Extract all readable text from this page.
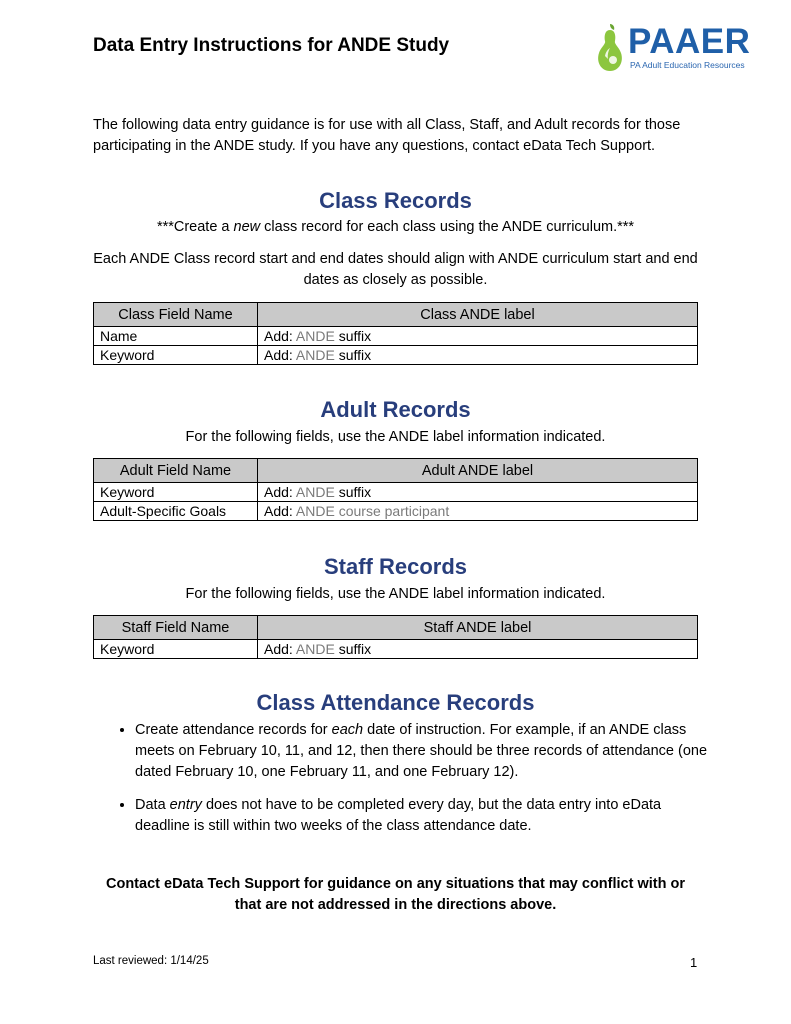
Data Entry Instructions for ANDE Study	PAAER
PA Adult Education Resources
The following data entry guidance is for use with all Class, Staff, and Adult records for those participating in the ANDE study. If you have any questions, contact eData Tech Support.
Class Records
***Create a new class record for each class using the ANDE curriculum.***
Each ANDE Class record start and end dates should align with ANDE curriculum start and end dates as closely as possible.
Class Field Name	Class ANDE label
Name	Add: ANDE suffix
Keyword	Add: ANDE suffix
Adult Records
For the following fields, use the ANDE label information indicated.
Adult Field Name	Adult ANDE label
Keyword	Add: ANDE suffix
Adult-Specific Goals	Add: ANDE course participant
Staff Records
For the following fields, use the ANDE label information indicated.
Staff Field Name	Staff ANDE label
Keyword	Add: ANDE suffix
Class Attendance Records
• Create attendance records for each date of instruction. For example, if an ANDE class meets on February 10, 11, and 12, then there should be three records of attendance (one dated February 10, one February 11, and one February 12).
• Data entry does not have to be completed every day, but the data entry into eData deadline is still within two weeks of the class attendance date.
Contact eData Tech Support for guidance on any situations that may conflict with or that are not addressed in the directions above.
Last reviewed: 1/14/25	1
